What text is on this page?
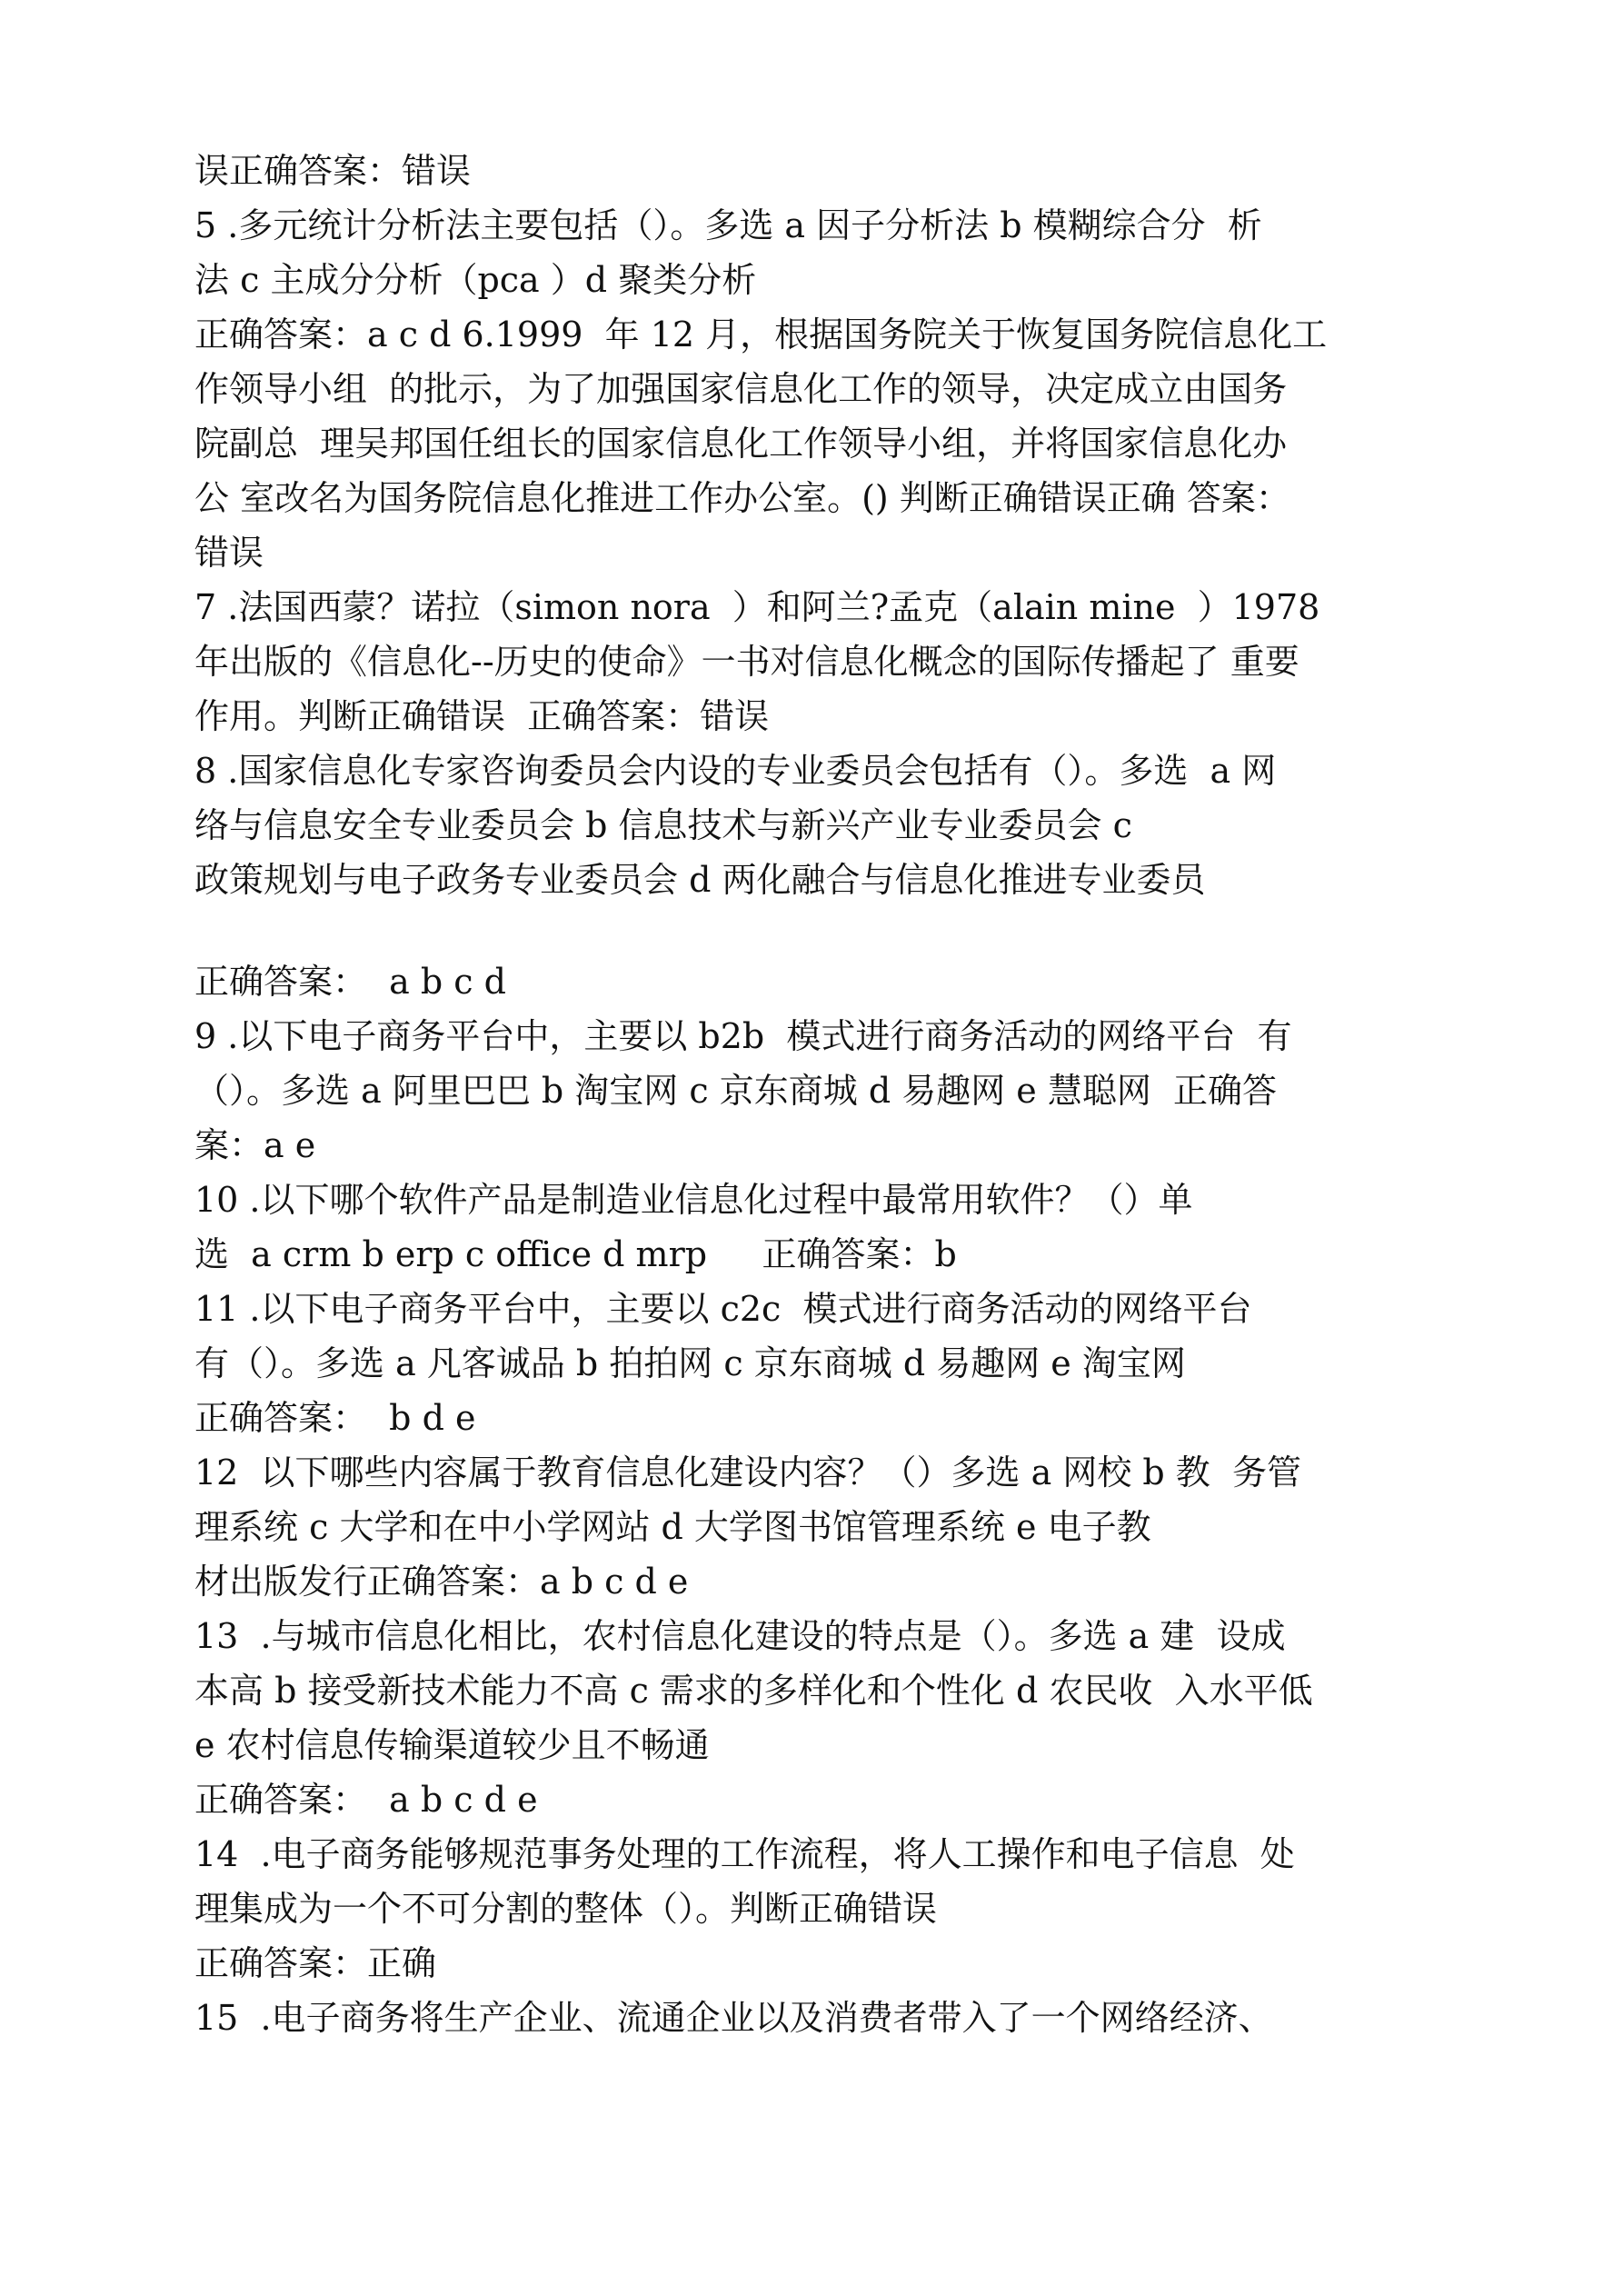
误正确答案：错误
5 .多元统计分析法主要包括（）。多选 a 因子分析法 b 模糊综合分  析
法 c 主成分分析（pca ）d 聚类分析
正确答案：a c d 6.1999  年 12 月，根据国务院关于恢复国务院信息化工
作领导小组  的批示，为了加强国家信息化工作的领导，决定成立由国务
院副总  理吴邦国任组长的国家信息化工作领导小组，并将国家信息化办
公 室改名为国务院信息化推进工作办公室。() 判断正确错误正确 答案：
错误
7 .法国西蒙？诺拉（simon nora  ）和阿兰?孟克（alain mine  ）1978
年出版的《信息化--历史的使命》一书对信息化概念的国际传播起了 重要
作用。判断正确错误  正确答案：错误
8 .国家信息化专家咨询委员会内设的专业委员会包括有（）。多选  a 网
络与信息安全专业委员会 b 信息技术与新兴产业专业委员会 c
政策规划与电子政务专业委员会 d 两化融合与信息化推进专业委员
正确答案：  a b c d
9 .以下电子商务平台中，主要以 b2b  模式进行商务活动的网络平台  有
（）。多选 a 阿里巴巴 b 淘宝网 c 京东商城 d 易趣网 e 慧聪网  正确答
案：a e
10 .以下哪个软件产品是制造业信息化过程中最常用软件？（）单
选  a crm b erp c office d mrp     正确答案：b
11 .以下电子商务平台中，主要以 c2c  模式进行商务活动的网络平台
有（）。多选 a 凡客诚品 b 拍拍网 c 京东商城 d 易趣网 e 淘宝网
正确答案：  b d e
12  以下哪些内容属于教育信息化建设内容？（）多选 a 网校 b 教  务管
理系统 c 大学和在中小学网站 d 大学图书馆管理系统 e 电子教
材出版发行正确答案：a b c d e
13  .与城市信息化相比，农村信息化建设的特点是（）。多选 a 建  设成
本高 b 接受新技术能力不高 c 需求的多样化和个性化 d 农民收  入水平低
e 农村信息传输渠道较少且不畅通
正确答案：  a b c d e
14  .电子商务能够规范事务处理的工作流程，将人工操作和电子信息  处
理集成为一个不可分割的整体（）。判断正确错误
正确答案：正确
15  .电子商务将生产企业、流通企业以及消费者带入了一个网络经济、
